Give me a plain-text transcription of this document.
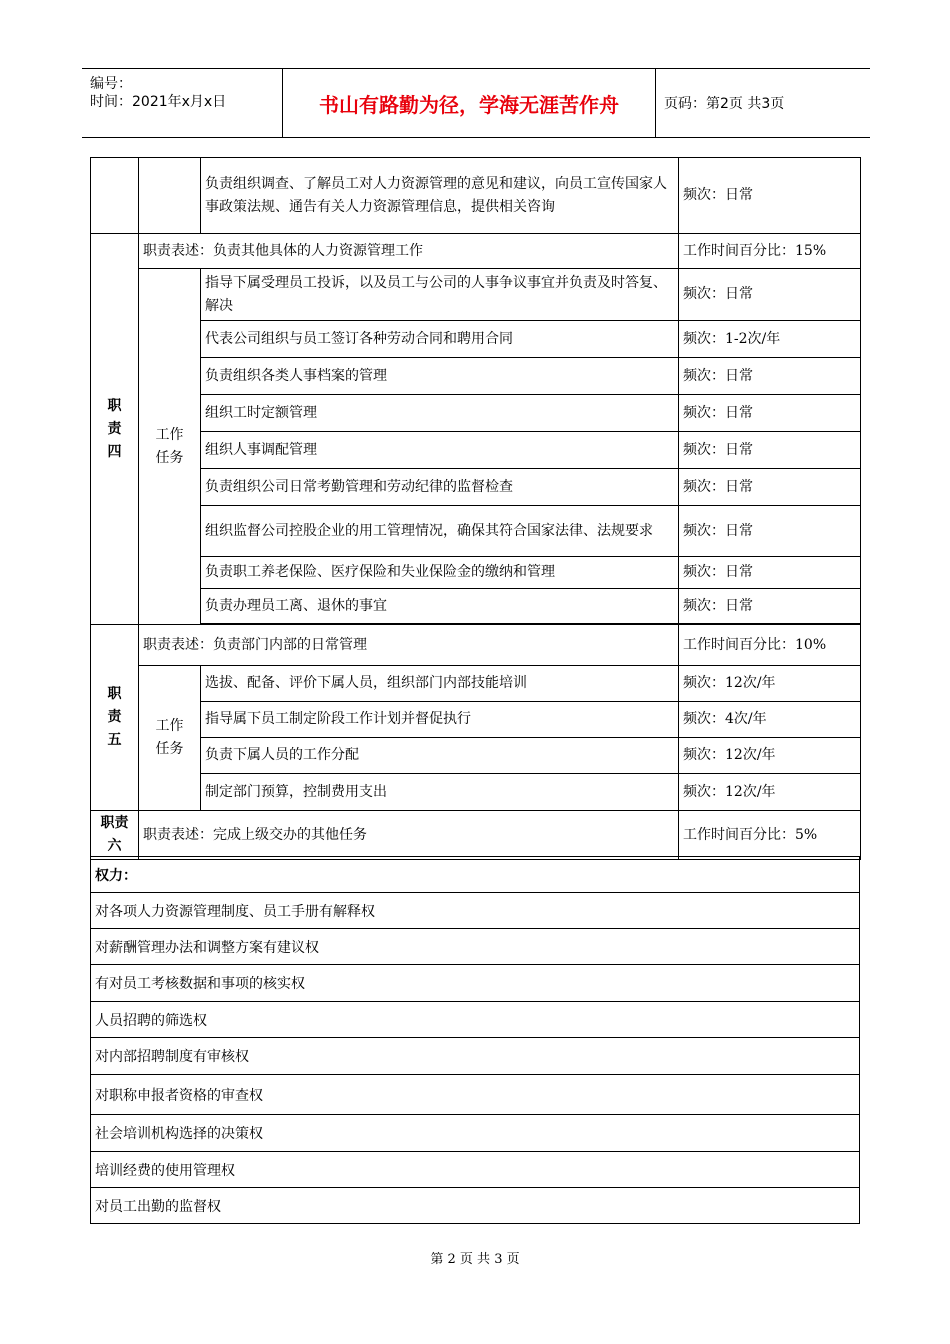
编号：
时间：2021年x月x日	书山有路勤为径，学海无涯苦作舟	页码：第2页 共3页
		负责组织调查、了解员工对人力资源管理的意见和建议，向员工宣传国家人事政策法规、通告有关人力资源管理信息，提供相关咨询	频次：日常

职
责
四	职责表述：负责其他具体的人力资源管理工作		工作时间百分比：15%

	工作
任务	指导下属受理员工投诉，以及员工与公司的人事争议事宜并负责及时答复、解决	频次：日常
		代表公司组织与员工签订各种劳动合同和聘用合同	频次：1-2次/年
		负责组织各类人事档案的管理	频次：日常
		组织工时定额管理	频次：日常
		组织人事调配管理	频次：日常
		负责组织公司日常考勤管理和劳动纪律的监督检查	频次：日常
		组织监督公司控股企业的用工管理情况，确保其符合国家法律、法规要求	频次：日常
		负责职工养老保险、医疗保险和失业保险金的缴纳和管理	频次：日常
		负责办理员工离、退休的事宜	频次：日常

职
责
五	职责表述：负责部门内部的日常管理		工作时间百分比：10%

	工作
任务	选拔、配备、评价下属人员，组织部门内部技能培训	频次：12次/年
		指导属下员工制定阶段工作计划并督促执行	频次：4次/年
		负责下属人员的工作分配	频次：12次/年
		制定部门预算，控制费用支出	频次：12次/年

职责
六	职责表述：完成上级交办的其他任务		工作时间百分比：5%
权力：
对各项人力资源管理制度、员工手册有解释权
对薪酬管理办法和调整方案有建议权
有对员工考核数据和事项的核实权
人员招聘的筛选权
对内部招聘制度有审核权
对职称申报者资格的审查权
社会培训机构选择的决策权
培训经费的使用管理权
对员工出勤的监督权
第 2 页 共 3 页
